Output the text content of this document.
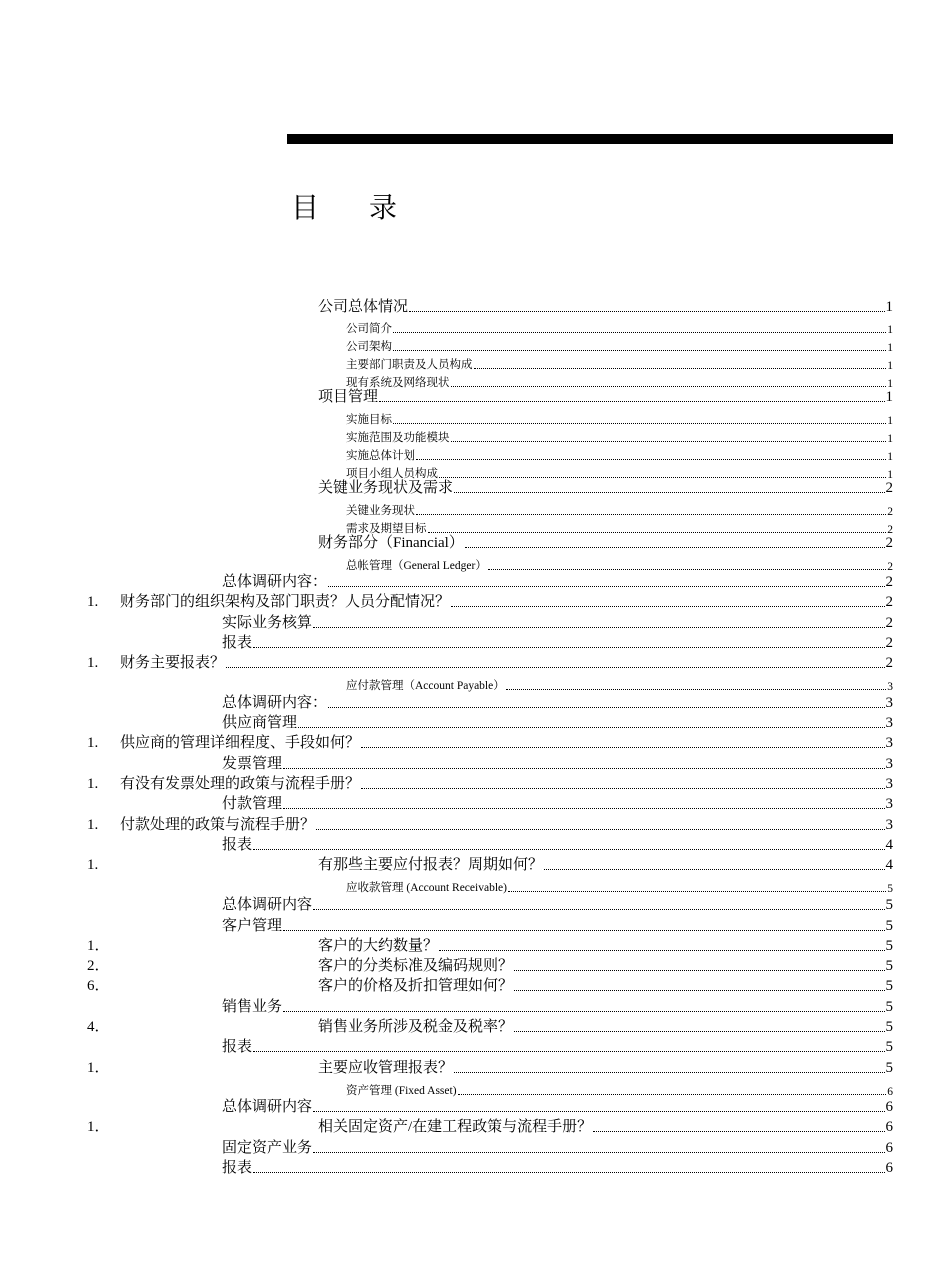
目录
公司总体情况	1
公司简介	1
公司架构	1
主要部门职责及人员构成	1
现有系统及网络现状	1
项目管理	1
实施目标	1
实施范围及功能模块	1
实施总体计划	1
项目小组人员构成	1
关键业务现状及需求	2
关键业务现状	2
需求及期望目标	2
财务部分（Financial）	2
总帐管理（General Ledger）	2
总体调研内容：	2
1. 财务部门的组织架构及部门职责？人员分配情况？	2
实际业务核算	2
报表	2
1. 财务主要报表？	2
应付款管理（Account Payable）	3
总体调研内容：	3
供应商管理	3
1. 供应商的管理详细程度、手段如何？	3
发票管理	3
1. 有没有发票处理的政策与流程手册？	3
付款管理	3
1. 付款处理的政策与流程手册？	3
报表	4
1.	有那些主要应付报表？周期如何？	4
应收款管理 (Account Receivable)	5
总体调研内容	5
客户管理	5
1．	客户的大约数量？	5
2．	客户的分类标准及编码规则？	5
6．	客户的价格及折扣管理如何？	5
销售业务	5
4．	销售业务所涉及税金及税率？	5
报表	5
1．	主要应收管理报表？	5
资产管理 (Fixed Asset)	6
总体调研内容	6
1．	相关固定资产/在建工程政策与流程手册？	6
固定资产业务	6
报表	6
